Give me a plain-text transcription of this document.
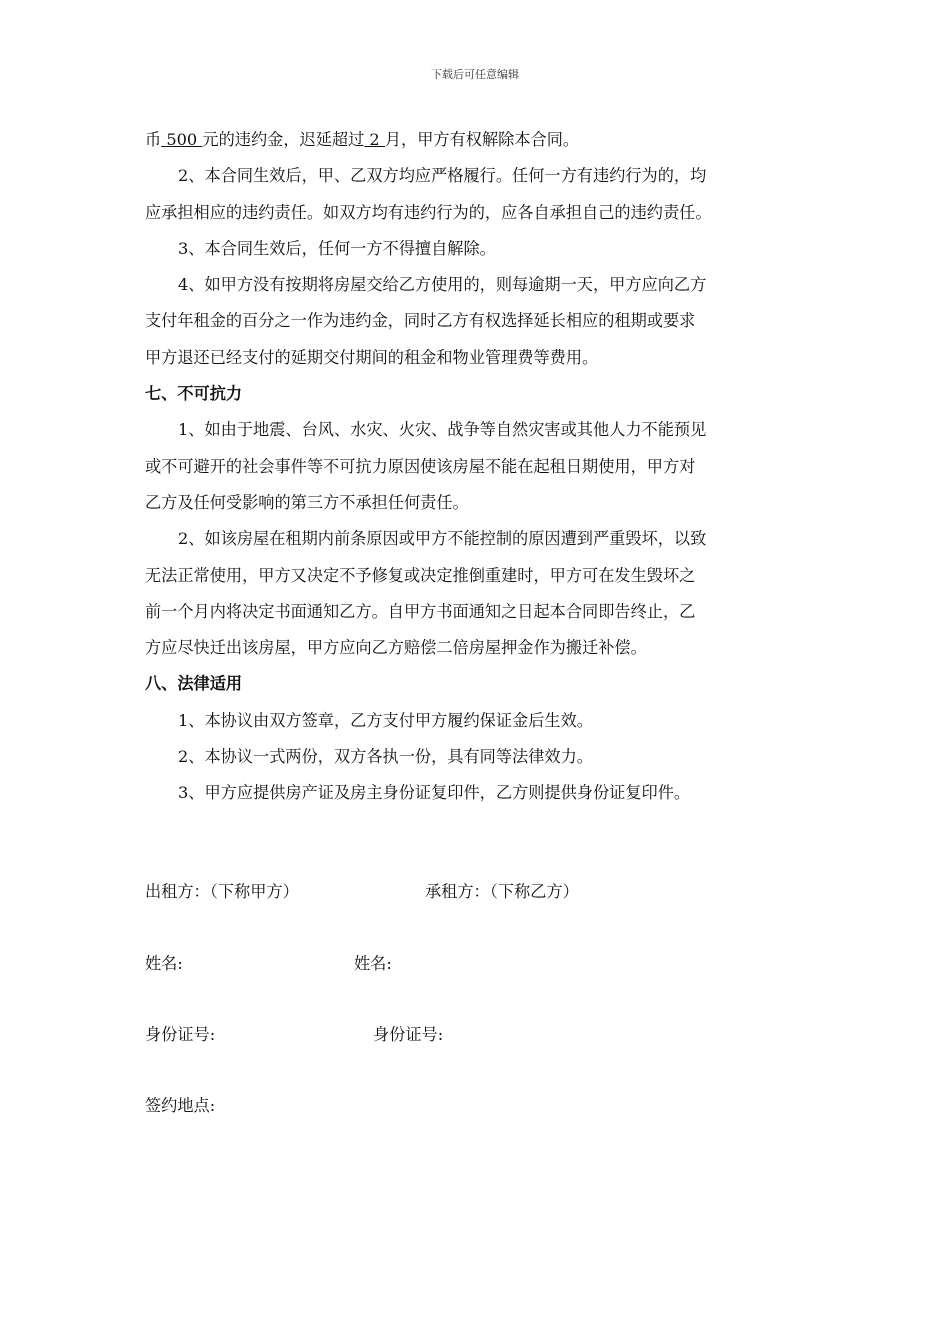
下载后可任意编辑
币 500 元的违约金，迟延超过 2 月，甲方有权解除本合同。
2、本合同生效后，甲、乙双方均应严格履行。任何一方有违约行为的，均
应承担相应的违约责任。如双方均有违约行为的，应各自承担自己的违约责任。
3、本合同生效后，任何一方不得擅自解除。
4、如甲方没有按期将房屋交给乙方使用的，则每逾期一天，甲方应向乙方
支付年租金的百分之一作为违约金，同时乙方有权选择延长相应的租期或要求
甲方退还已经支付的延期交付期间的租金和物业管理费等费用。
七、不可抗力
1、如由于地震、台风、水灾、火灾、战争等自然灾害或其他人力不能预见
或不可避开的社会事件等不可抗力原因使该房屋不能在起租日期使用，甲方对
乙方及任何受影响的第三方不承担任何责任。
2、如该房屋在租期内前条原因或甲方不能控制的原因遭到严重毁坏，以致
无法正常使用，甲方又决定不予修复或决定推倒重建时，甲方可在发生毁坏之
前一个月内将决定书面通知乙方。自甲方书面通知之日起本合同即告终止，乙
方应尽快迁出该房屋，甲方应向乙方赔偿二倍房屋押金作为搬迁补偿。
八、法律适用
1、本协议由双方签章，乙方支付甲方履约保证金后生效。
2、本协议一式两份，双方各执一份，具有同等法律效力。
3、甲方应提供房产证及房主身份证复印件，乙方则提供身份证复印件。
出租方：（下称甲方）	承租方：（下称乙方）
姓名:	姓名:
身份证号:	身份证号:
签约地点:
